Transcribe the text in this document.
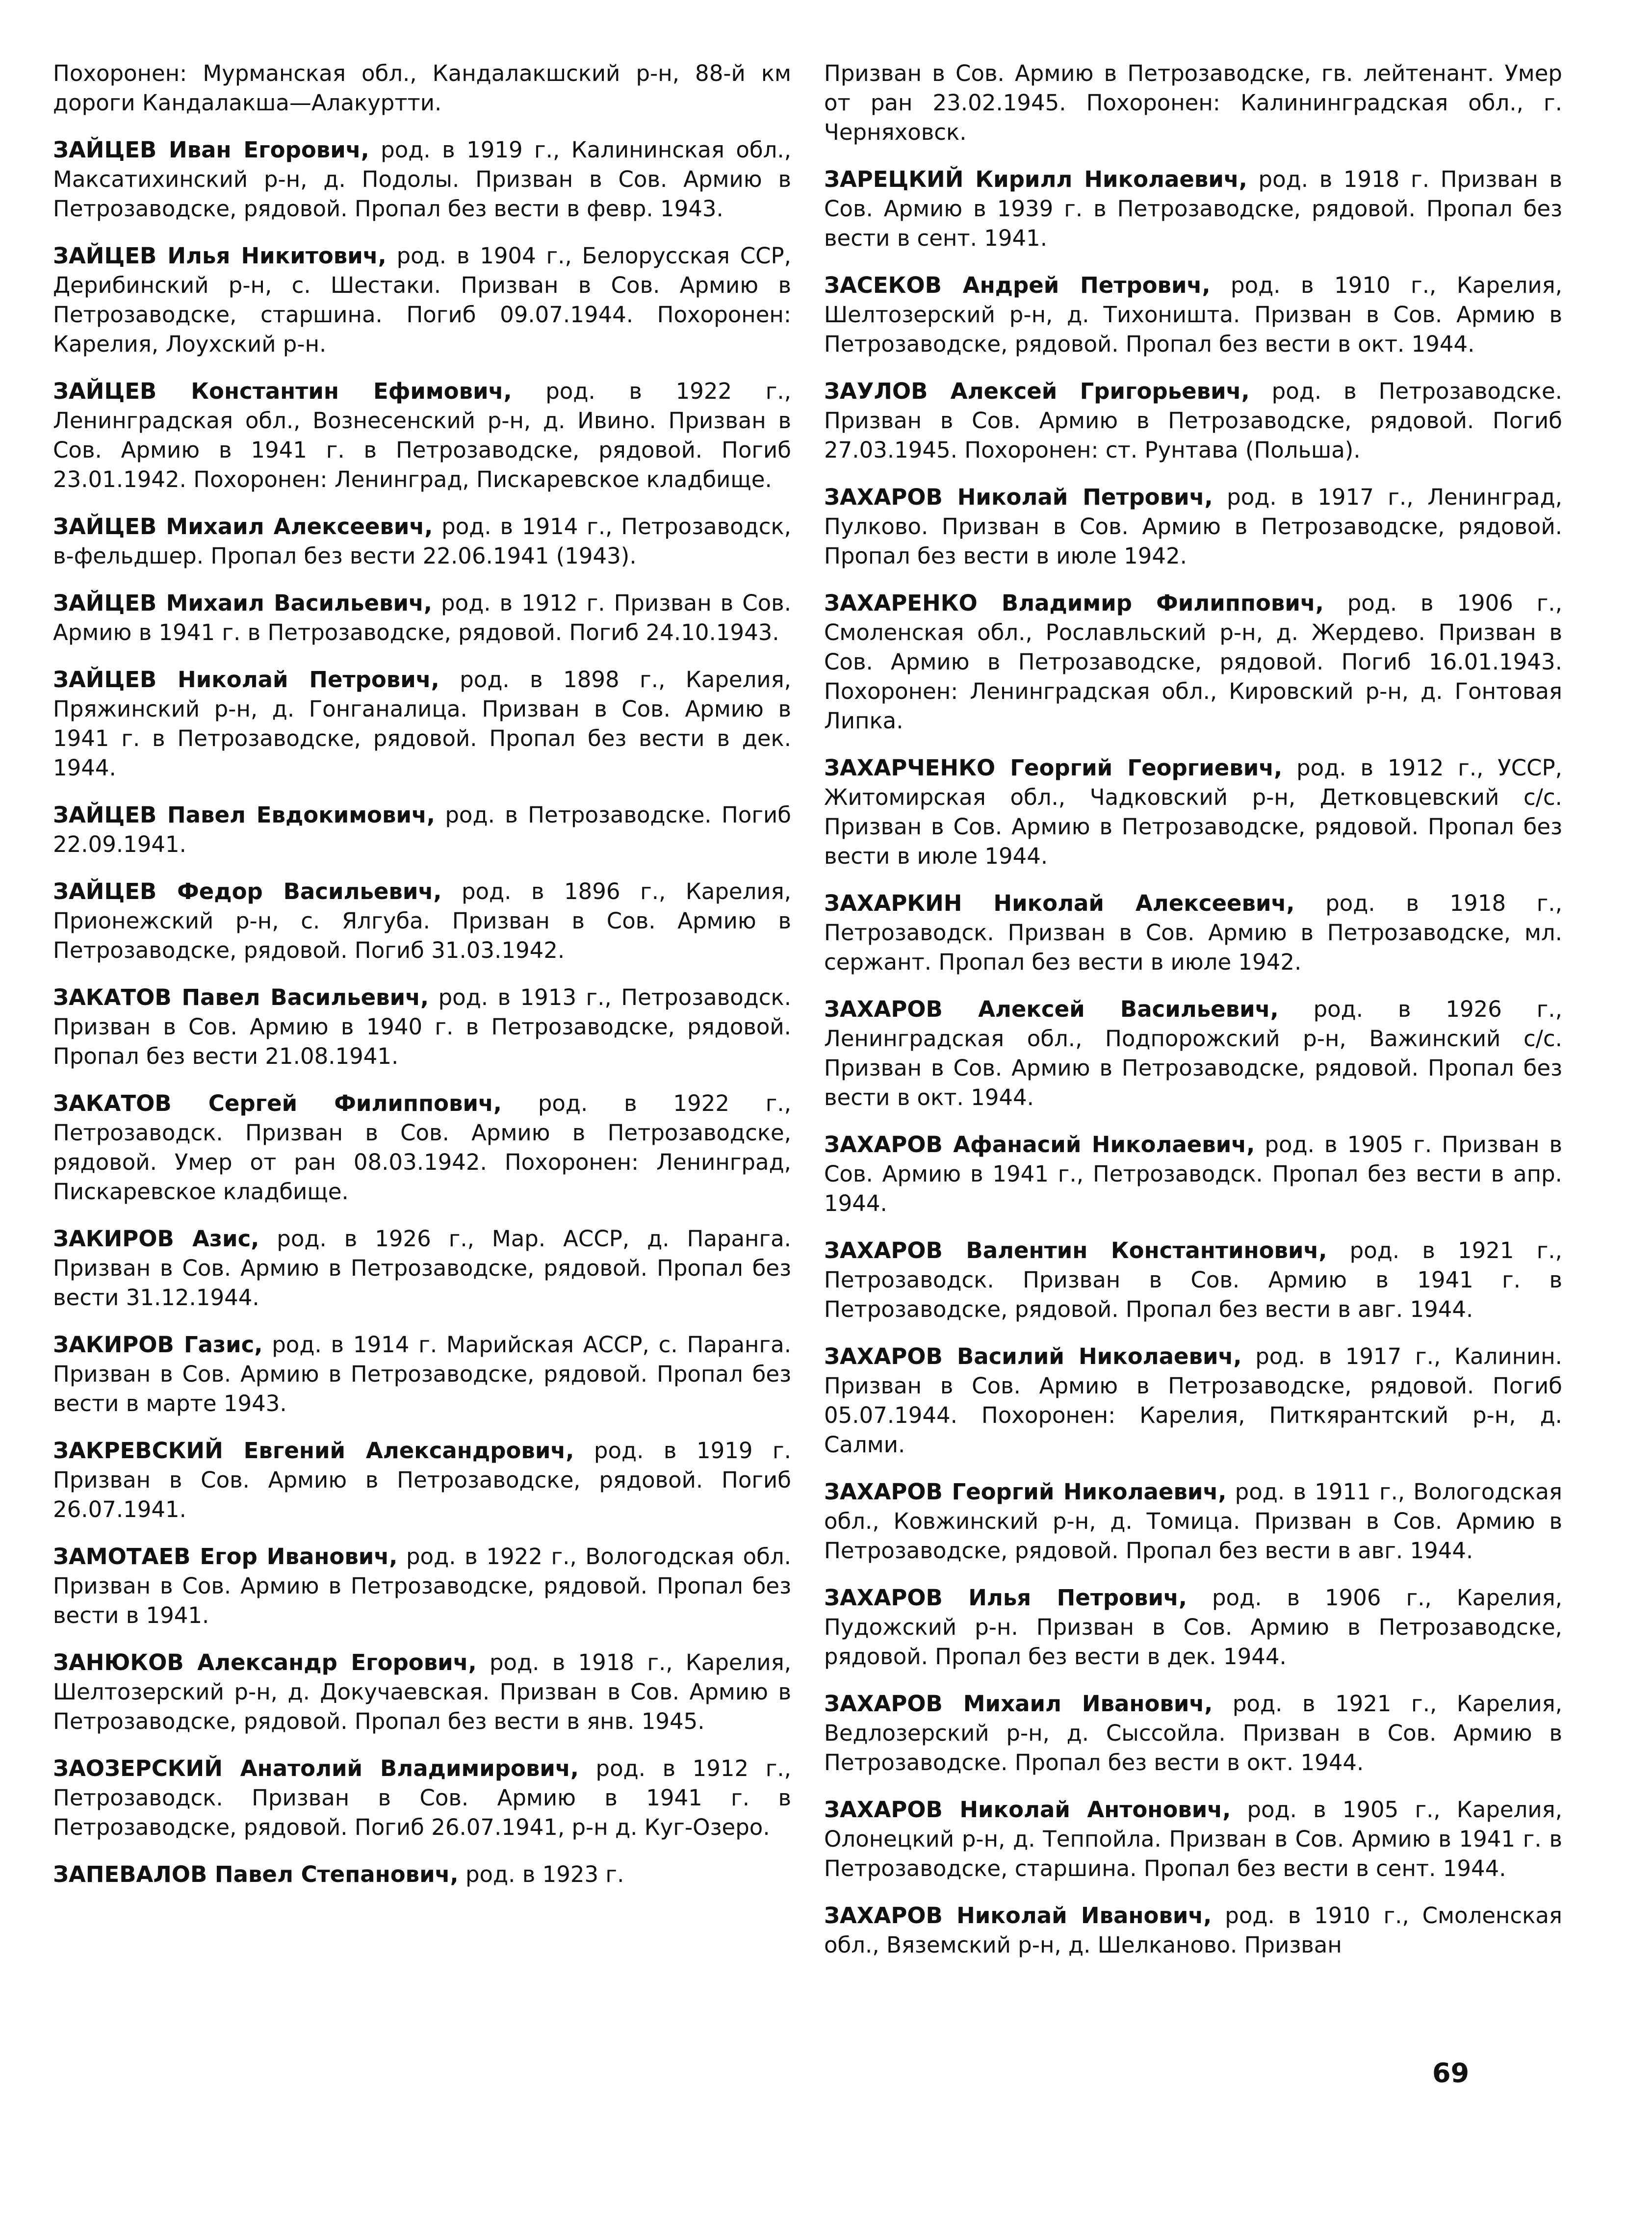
Похоронен: Мурманская обл., Кандалакшский р-н, 88-й км дороги Кандалакша—Алакуртти.

ЗАЙЦЕВ Иван Егорович, род. в 1919 г., Калининская обл., Максатихинский р-н, д. Подолы. Призван в Сов. Армию в Петрозаводске, рядовой. Пропал без вести в февр. 1943.

ЗАЙЦЕВ Илья Никитович, род. в 1904 г., Белорусская ССР, Дерибинский р-н, с. Шестаки. Призван в Сов. Армию в Петрозаводске, старшина. Погиб 09.07.1944. Похоронен: Карелия, Лоухский р-н.

ЗАЙЦЕВ Константин Ефимович, род. в 1922 г., Ленинградская обл., Вознесенский р-н, д. Ивино. Призван в Сов. Армию в 1941 г. в Петрозаводске, рядовой. Погиб 23.01.1942. Похоронен: Ленинград, Пискаревское кладбище.

ЗАЙЦЕВ Михаил Алексеевич, род. в 1914 г., Петрозаводск, в-фельдшер. Пропал без вести 22.06.1941 (1943).

ЗАЙЦЕВ Михаил Васильевич, род. в 1912 г. Призван в Сов. Армию в 1941 г. в Петрозаводске, рядовой. Погиб 24.10.1943.

ЗАЙЦЕВ Николай Петрович, род. в 1898 г., Карелия, Пряжинский р-н, д. Гонганалица. Призван в Сов. Армию в 1941 г. в Петрозаводске, рядовой. Пропал без вести в дек. 1944.

ЗАЙЦЕВ Павел Евдокимович, род. в Петрозаводске. Погиб 22.09.1941.

ЗАЙЦЕВ Федор Васильевич, род. в 1896 г., Карелия, Прионежский р-н, с. Ялгуба. Призван в Сов. Армию в Петрозаводске, рядовой. Погиб 31.03.1942.

ЗАКАТОВ Павел Васильевич, род. в 1913 г., Петрозаводск. Призван в Сов. Армию в 1940 г. в Петрозаводске, рядовой. Пропал без вести 21.08.1941.

ЗАКАТОВ Сергей Филиппович, род. в 1922 г., Петрозаводск. Призван в Сов. Армию в Петрозаводске, рядовой. Умер от ран 08.03.1942. Похоронен: Ленинград, Пискаревское кладбище.

ЗАКИРОВ Азис, род. в 1926 г., Мар. АССР, д. Паранга. Призван в Сов. Армию в Петрозаводске, рядовой. Пропал без вести 31.12.1944.

ЗАКИРОВ Газис, род. в 1914 г. Марийская АССР, с. Паранга. Призван в Сов. Армию в Петрозаводске, рядовой. Пропал без вести в марте 1943.

ЗАКРЕВСКИЙ Евгений Александрович, род. в 1919 г. Призван в Сов. Армию в Петрозаводске, рядовой. Погиб 26.07.1941.

ЗАМОТАЕВ Егор Иванович, род. в 1922 г., Вологодская обл. Призван в Сов. Армию в Петрозаводске, рядовой. Пропал без вести в 1941.

ЗАНЮКОВ Александр Егорович, род. в 1918 г., Карелия, Шелтозерский р-н, д. Докучаевская. Призван в Сов. Армию в Петрозаводске, рядовой. Пропал без вести в янв. 1945.

ЗАОЗЕРСКИЙ Анатолий Владимирович, род. в 1912 г., Петрозаводск. Призван в Сов. Армию в 1941 г. в Петрозаводске, рядовой. Погиб 26.07.1941, р-н д. Куг-Озеро.

ЗАПЕВАЛОВ Павел Степанович, род. в 1923 г.

Призван в Сов. Армию в Петрозаводске, гв. лейтенант. Умер от ран 23.02.1945. Похоронен: Калининградская обл., г. Черняховск.

ЗАРЕЦКИЙ Кирилл Николаевич, род. в 1918 г. Призван в Сов. Армию в 1939 г. в Петрозаводске, рядовой. Пропал без вести в сент. 1941.

ЗАСЕКОВ Андрей Петрович, род. в 1910 г., Карелия, Шелтозерский р-н, д. Тихоништа. Призван в Сов. Армию в Петрозаводске, рядовой. Пропал без вести в окт. 1944.

ЗАУЛОВ Алексей Григорьевич, род. в Петрозаводске. Призван в Сов. Армию в Петрозаводске, рядовой. Погиб 27.03.1945. Похоронен: ст. Рунтава (Польша).

ЗАХАРОВ Николай Петрович, род. в 1917 г., Ленинград, Пулково. Призван в Сов. Армию в Петрозаводске, рядовой. Пропал без вести в июле 1942.

ЗАХАРЕНКО Владимир Филиппович, род. в 1906 г., Смоленская обл., Рославльский р-н, д. Жердево. Призван в Сов. Армию в Петрозаводске, рядовой. Погиб 16.01.1943. Похоронен: Ленинградская обл., Кировский р-н, д. Гонтовая Липка.

ЗАХАРЧЕНКО Георгий Георгиевич, род. в 1912 г., УССР, Житомирская обл., Чадковский р-н, Детковцевский с/с. Призван в Сов. Армию в Петрозаводске, рядовой. Пропал без вести в июле 1944.

ЗАХАРКИН Николай Алексеевич, род. в 1918 г., Петрозаводск. Призван в Сов. Армию в Петрозаводске, мл. сержант. Пропал без вести в июле 1942.

ЗАХАРОВ Алексей Васильевич, род. в 1926 г., Ленинградская обл., Подпорожский р-н, Важинский с/с. Призван в Сов. Армию в Петрозаводске, рядовой. Пропал без вести в окт. 1944.

ЗАХАРОВ Афанасий Николаевич, род. в 1905 г. Призван в Сов. Армию в 1941 г., Петрозаводск. Пропал без вести в апр. 1944.

ЗАХАРОВ Валентин Константинович, род. в 1921 г., Петрозаводск. Призван в Сов. Армию в 1941 г. в Петрозаводске, рядовой. Пропал без вести в авг. 1944.

ЗАХАРОВ Василий Николаевич, род. в 1917 г., Калинин. Призван в Сов. Армию в Петрозаводске, рядовой. Погиб 05.07.1944. Похоронен: Карелия, Питкярантский р-н, д. Салми.

ЗАХАРОВ Георгий Николаевич, род. в 1911 г., Вологодская обл., Ковжинский р-н, д. Томица. Призван в Сов. Армию в Петрозаводске, рядовой. Пропал без вести в авг. 1944.

ЗАХАРОВ Илья Петрович, род. в 1906 г., Карелия, Пудожский р-н. Призван в Сов. Армию в Петрозаводске, рядовой. Пропал без вести в дек. 1944.

ЗАХАРОВ Михаил Иванович, род. в 1921 г., Карелия, Ведлозерский р-н, д. Сыссойла. Призван в Сов. Армию в Петрозаводске. Пропал без вести в окт. 1944.

ЗАХАРОВ Николай Антонович, род. в 1905 г., Карелия, Олонецкий р-н, д. Теппойла. Призван в Сов. Армию в 1941 г. в Петрозаводске, старшина. Пропал без вести в сент. 1944.

ЗАХАРОВ Николай Иванович, род. в 1910 г., Смоленская обл., Вяземский р-н, д. Шелканово. Призван

69
